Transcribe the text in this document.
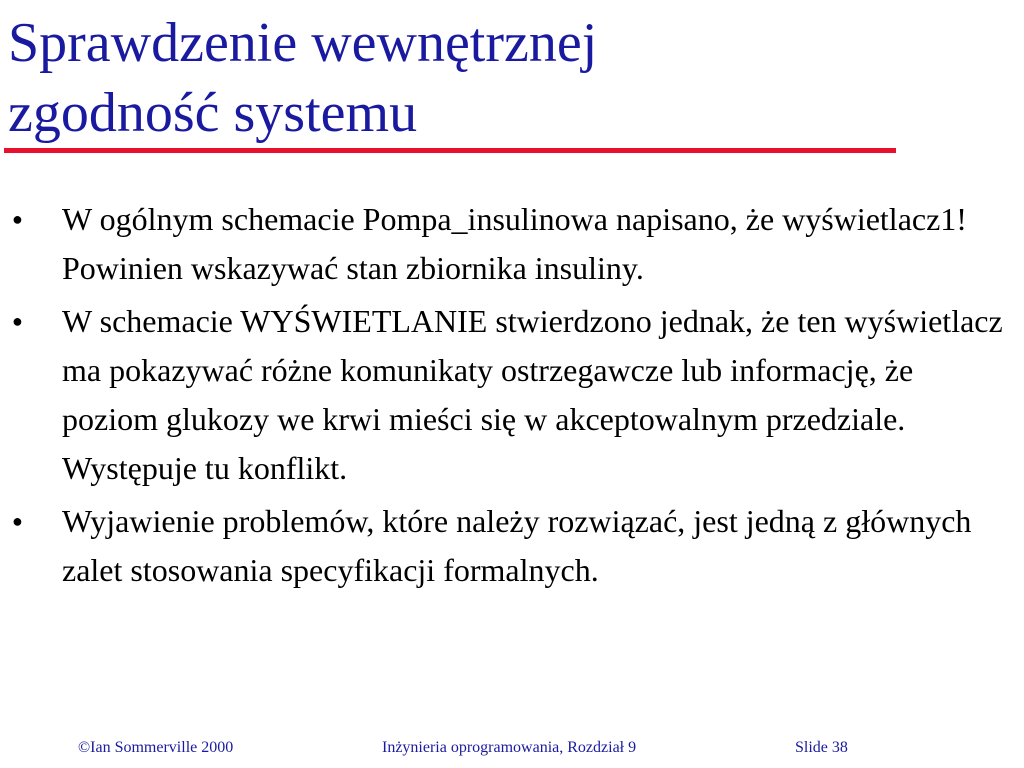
Sprawdzenie wewnętrznej
zgodność systemu
● W ogólnym schemacie Pompa_insulinowa napisano, że wyświetlacz1! Powinien wskazywać stan zbiornika insuliny.
● W schemacie WYŚWIETLANIE stwierdzono jednak, że ten wyświetlacz ma pokazywać różne komunikaty ostrzegawcze lub informację, że poziom glukozy we krwi mieści się w akceptowalnym przedziale. Występuje tu konflikt.
● Wyjawienie problemów, które należy rozwiązać, jest jedną z głównych zalet stosowania specyfikacji formalnych.
©Ian Sommerville 2000	Inżynieria oprogramowania, Rozdział 9	Slide 38
